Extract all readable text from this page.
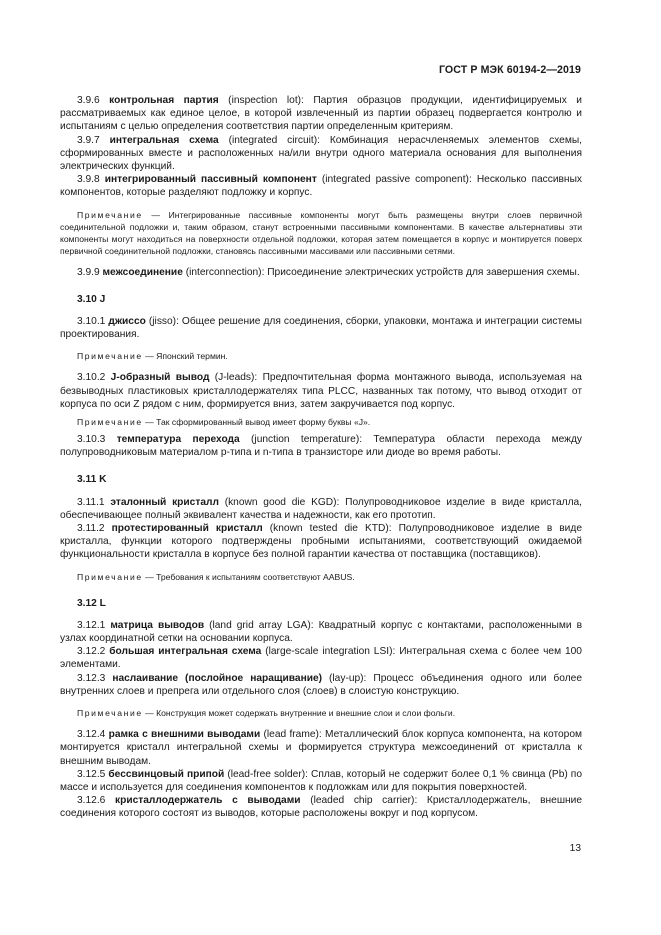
ГОСТ Р МЭК 60194-2—2019

3.9.6 контрольная партия (inspection lot): Партия образцов продукции, идентифицируемых и рассматриваемых как единое целое, в которой извлеченный из партии образец подвергается контролю и испытаниям с целью определения соответствия партии определенным критериям.

3.9.7 интегральная схема (integrated circuit): Комбинация нерасчленяемых элементов схемы, сформированных вместе и расположенных на/или внутри одного материала основания для выполнения электрических функций.

3.9.8 интегрированный пассивный компонент (integrated passive component): Несколько пассивных компонентов, которые разделяют подложку и корпус.

Примечание — Интегрированные пассивные компоненты могут быть размещены внутри слоев первичной соединительной подложки и, таким образом, станут встроенными пассивными компонентами. В качестве альтернативы эти компоненты могут находиться на поверхности отдельной подложки, которая затем помещается в корпус и монтируется поверх первичной соединительной подложки, становясь пассивными массивами или пассивными сетями.

3.9.9 межсоединение (interconnection): Присоединение электрических устройств для завершения схемы.

3.10 J

3.10.1 джиссо (jisso): Общее решение для соединения, сборки, упаковки, монтажа и интеграции системы проектирования.

Примечание — Японский термин.

3.10.2 J-образный вывод (J-leads): Предпочтительная форма монтажного вывода, используемая на безвыводных пластиковых кристаллодержателях типа PLCC, названных так потому, что вывод отходит от корпуса по оси Z рядом с ним, формируется вниз, затем закручивается под корпус.

Примечание — Так сформированный вывод имеет форму буквы «J».

3.10.3 температура перехода (junction temperature): Температура области перехода между полупроводниковым материалом p-типа и n-типа в транзисторе или диоде во время работы.

3.11 K

3.11.1 эталонный кристалл (known good die KGD): Полупроводниковое изделие в виде кристалла, обеспечивающее полный эквивалент качества и надежности, как его прототип.

3.11.2 протестированный кристалл (known tested die KTD): Полупроводниковое изделие в виде кристалла, функции которого подтверждены пробными испытаниями, соответствующий ожидаемой функциональности кристалла в корпусе без полной гарантии качества от поставщика (поставщиков).

Примечание — Требования к испытаниям соответствуют AABUS.

3.12 L

3.12.1 матрица выводов (land grid array LGA): Квадратный корпус с контактами, расположенными в узлах координатной сетки на основании корпуса.

3.12.2 большая интегральная схема (large-scale integration LSI): Интегральная схема с более чем 100 элементами.

3.12.3 наслаивание (послойное наращивание) (lay-up): Процесс объединения одного или более внутренних слоев и препрега или отдельного слоя (слоев) в слоистую конструкцию.

Примечание — Конструкция может содержать внутренние и внешние слои и слои фольги.

3.12.4 рамка с внешними выводами (lead frame): Металлический блок корпуса компонента, на котором монтируется кристалл интегральной схемы и формируется структура межсоединений от кристалла к внешним выводам.

3.12.5 бессвинцовый припой (lead-free solder): Сплав, который не содержит более 0,1 % свинца (Pb) по массе и используется для соединения компонентов к подложкам или для покрытия поверхностей.

3.12.6 кристаллодержатель с выводами (leaded chip carrier): Кристаллодержатель, внешние соединения которого состоят из выводов, которые расположены вокруг и под корпусом.

13
